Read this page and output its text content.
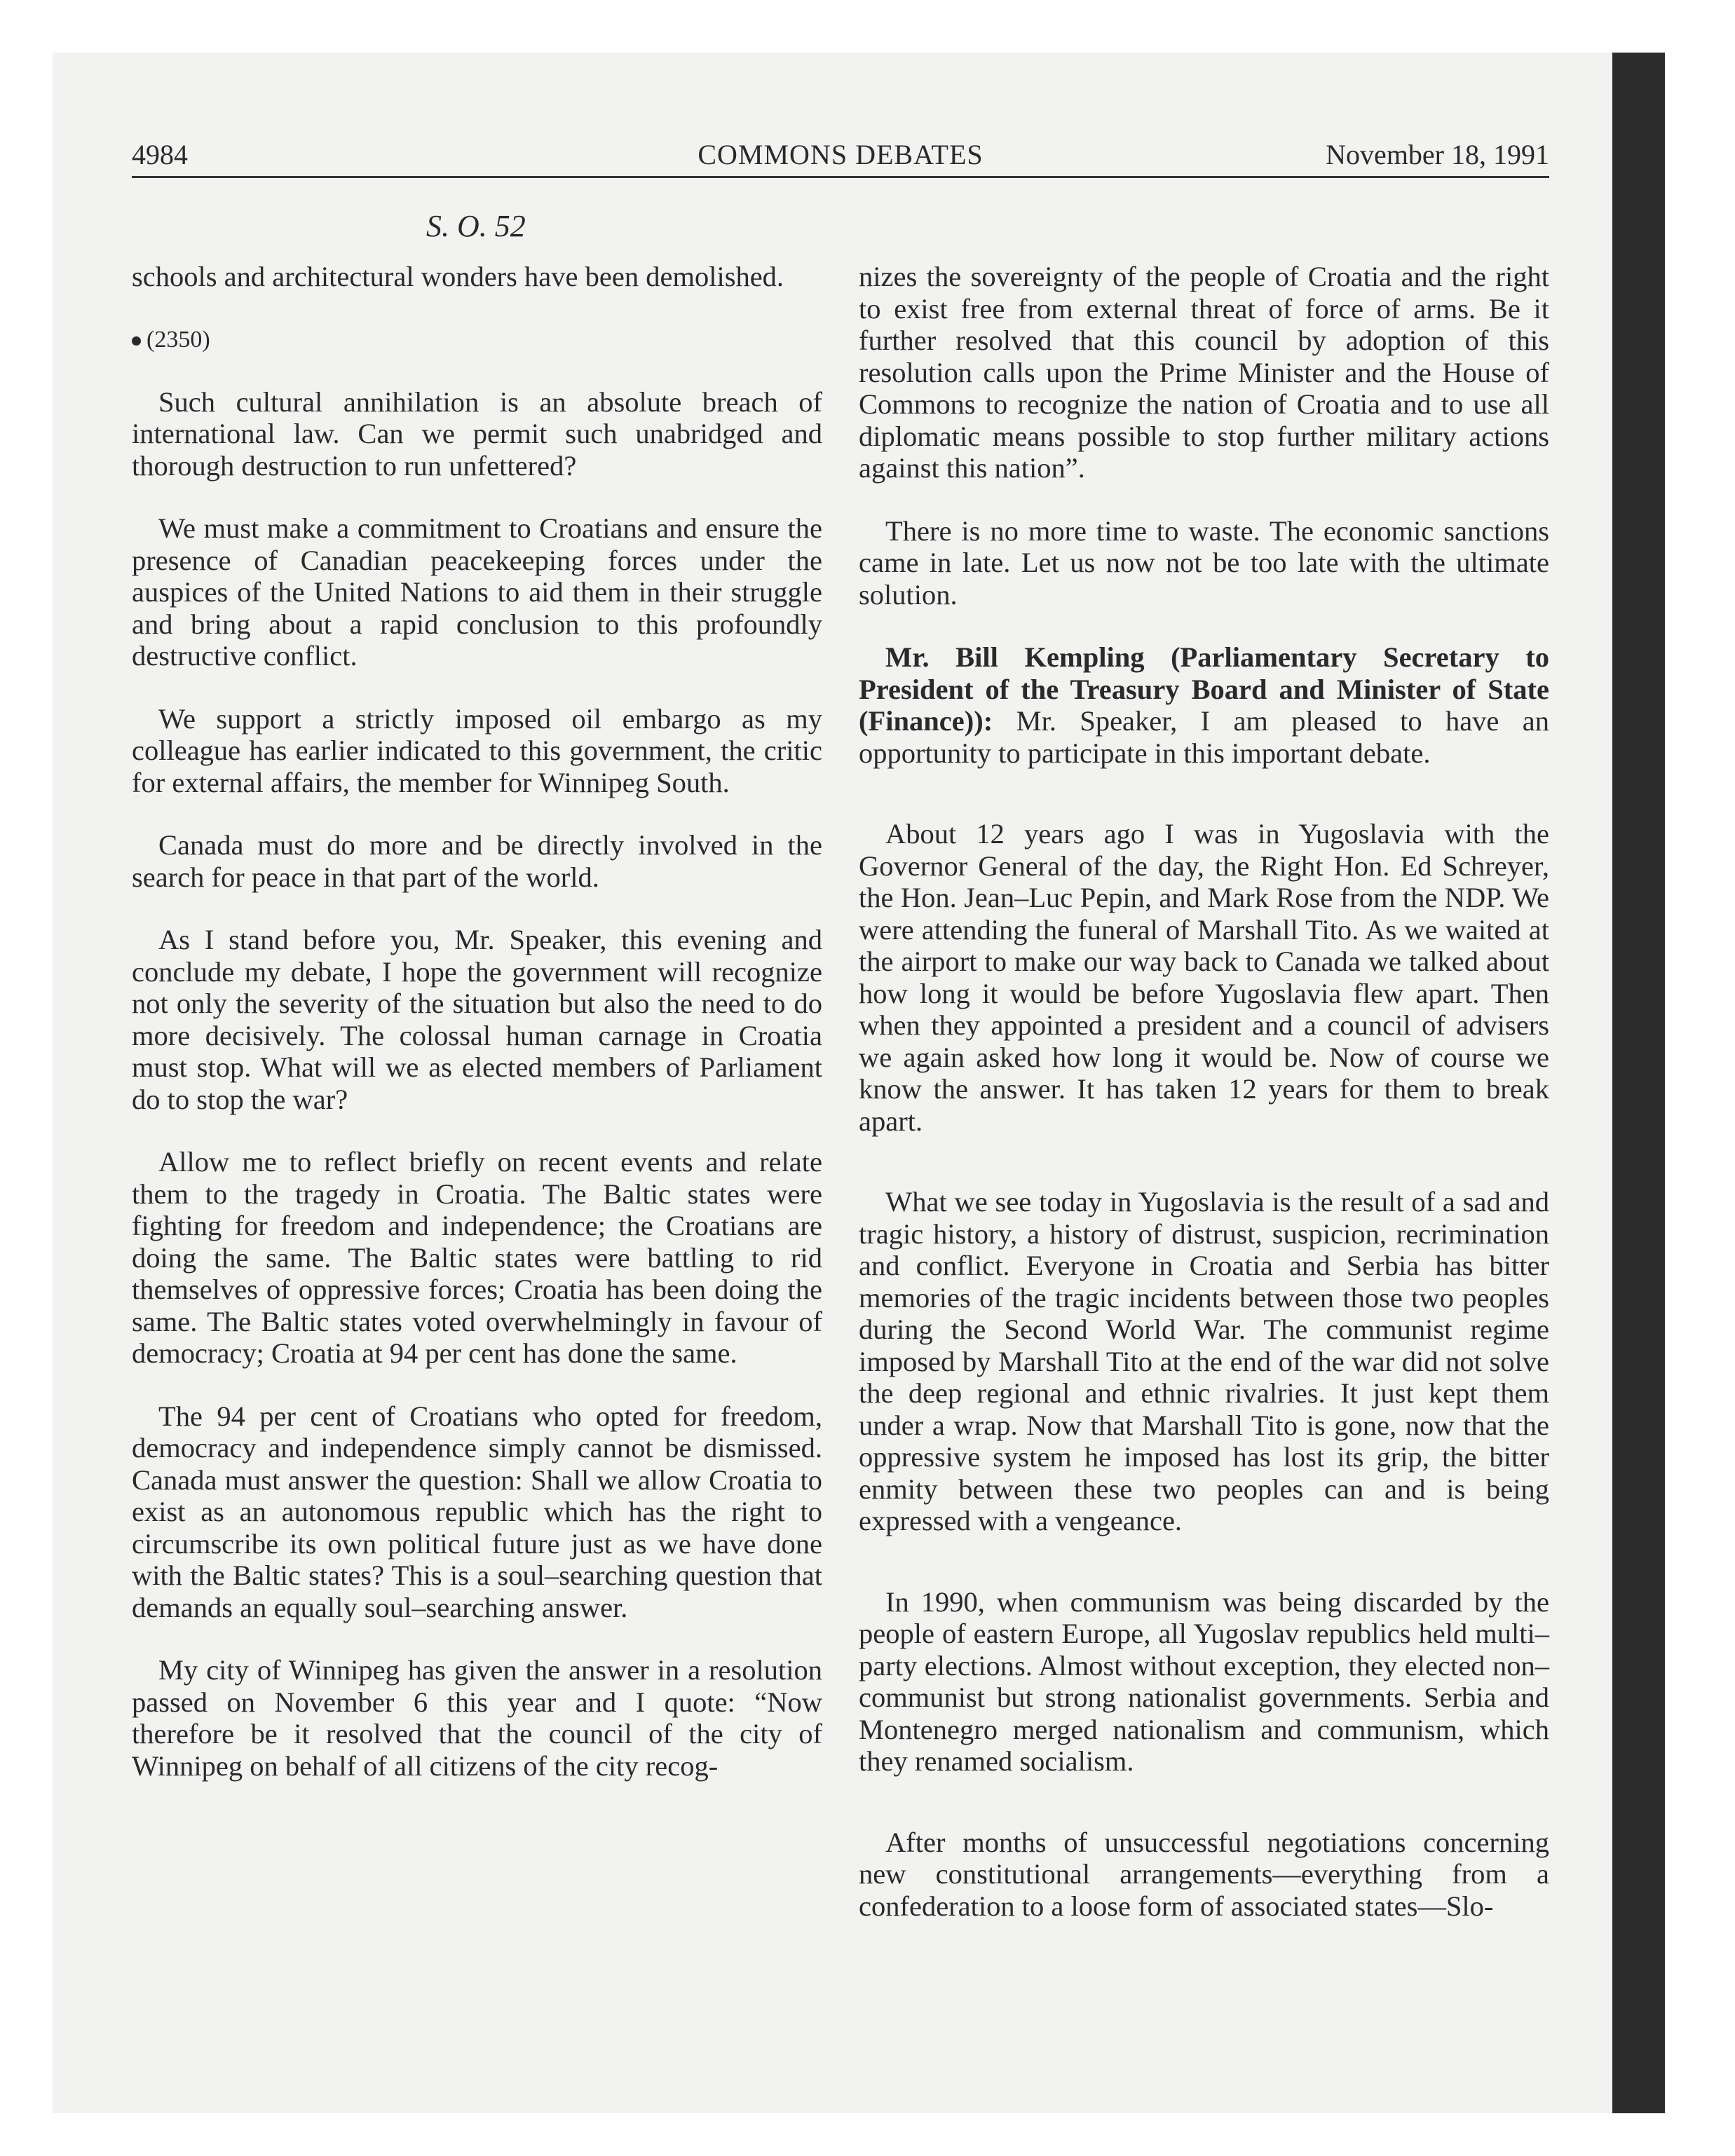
4984	COMMONS DEBATES	November 18, 1991
S. O. 52

schools and architectural wonders have been demolished.

(2350)

Such cultural annihilation is an absolute breach of international law. Can we permit such unabridged and thorough destruction to run unfettered?

We must make a commitment to Croatians and ensure the presence of Canadian peacekeeping forces under the auspices of the United Nations to aid them in their struggle and bring about a rapid conclusion to this profoundly destructive conflict.

We support a strictly imposed oil embargo as my colleague has earlier indicated to this government, the critic for external affairs, the member for Winnipeg South.

Canada must do more and be directly involved in the search for peace in that part of the world.

As I stand before you, Mr. Speaker, this evening and conclude my debate, I hope the government will recognize not only the severity of the situation but also the need to do more decisively. The colossal human carnage in Croatia must stop. What will we as elected members of Parliament do to stop the war?

Allow me to reflect briefly on recent events and relate them to the tragedy in Croatia. The Baltic states were fighting for freedom and independence; the Croatians are doing the same. The Baltic states were battling to rid themselves of oppressive forces; Croatia has been doing the same. The Baltic states voted overwhelmingly in favour of democracy; Croatia at 94 per cent has done the same.

The 94 per cent of Croatians who opted for freedom, democracy and independence simply cannot be dismissed. Canada must answer the question: Shall we allow Croatia to exist as an autonomous republic which has the right to circumscribe its own political future just as we have done with the Baltic states? This is a soul–searching question that demands an equally soul–searching answer.

My city of Winnipeg has given the answer in a resolution passed on November 6 this year and I quote: “Now therefore be it resolved that the council of the city of Winnipeg on behalf of all citizens of the city recog-

nizes the sovereignty of the people of Croatia and the right to exist free from external threat of force of arms. Be it further resolved that this council by adoption of this resolution calls upon the Prime Minister and the House of Commons to recognize the nation of Croatia and to use all diplomatic means possible to stop further military actions against this nation”.

There is no more time to waste. The economic sanctions came in late. Let us now not be too late with the ultimate solution.

Mr. Bill Kempling (Parliamentary Secretary to President of the Treasury Board and Minister of State (Finance)): Mr. Speaker, I am pleased to have an opportunity to participate in this important debate.

About 12 years ago I was in Yugoslavia with the Governor General of the day, the Right Hon. Ed Schreyer, the Hon. Jean–Luc Pepin, and Mark Rose from the NDP. We were attending the funeral of Marshall Tito. As we waited at the airport to make our way back to Canada we talked about how long it would be before Yugoslavia flew apart. Then when they appointed a president and a council of advisers we again asked how long it would be. Now of course we know the answer. It has taken 12 years for them to break apart.

What we see today in Yugoslavia is the result of a sad and tragic history, a history of distrust, suspicion, recrimination and conflict. Everyone in Croatia and Serbia has bitter memories of the tragic incidents between those two peoples during the Second World War. The communist regime imposed by Marshall Tito at the end of the war did not solve the deep regional and ethnic rivalries. It just kept them under a wrap. Now that Marshall Tito is gone, now that the oppressive system he imposed has lost its grip, the bitter enmity between these two peoples can and is being expressed with a vengeance.

In 1990, when communism was being discarded by the people of eastern Europe, all Yugoslav republics held multi–party elections. Almost without exception, they elected non–communist but strong nationalist governments. Serbia and Montenegro merged nationalism and communism, which they renamed socialism.

After months of unsuccessful negotiations concerning new constitutional arrangements—everything from a confederation to a loose form of associated states—Slo-
